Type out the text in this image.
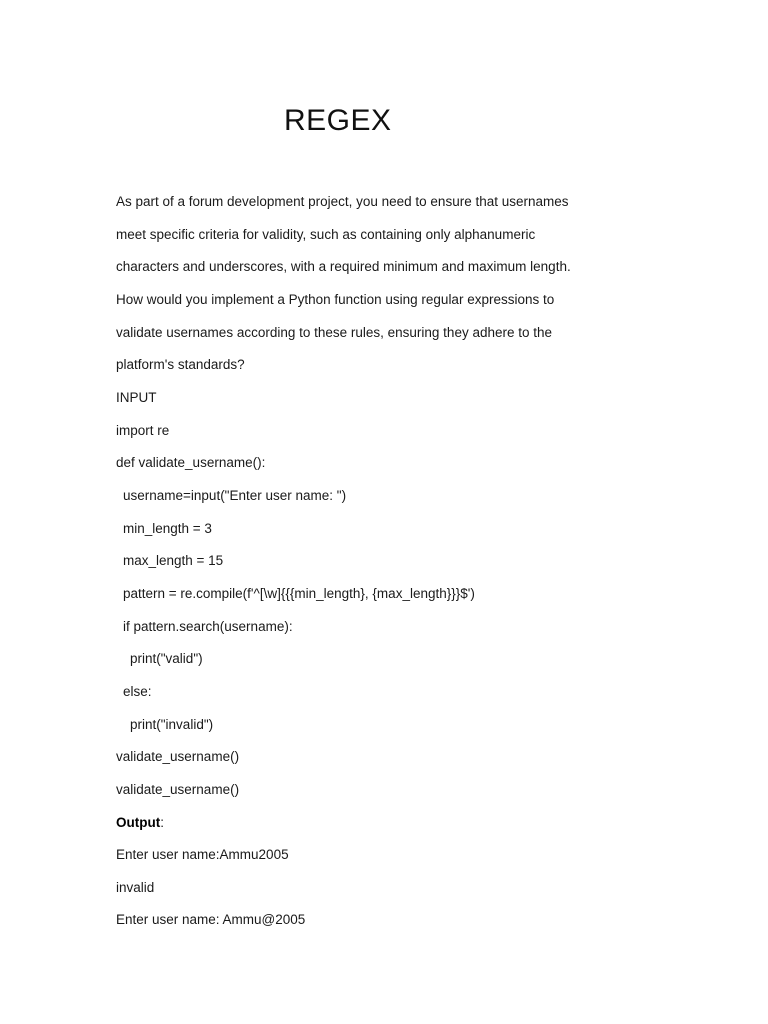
REGEX
As part of a forum development project, you need to ensure that usernames
meet specific criteria for validity, such as containing only alphanumeric
characters and underscores, with a required minimum and maximum length.
How would you implement a Python function using regular expressions to
validate usernames according to these rules, ensuring they adhere to the
platform's standards?
INPUT
import re
def validate_username():
username=input("Enter user name: ")
min_length = 3
max_length = 15
pattern = re.compile(f'^[\w]{{{min_length}, {max_length}}}$')
if pattern.search(username):
print("valid")
else:
print("invalid")
validate_username()
validate_username()
Output:
Enter user name:Ammu2005
invalid
Enter user name: Ammu@2005
